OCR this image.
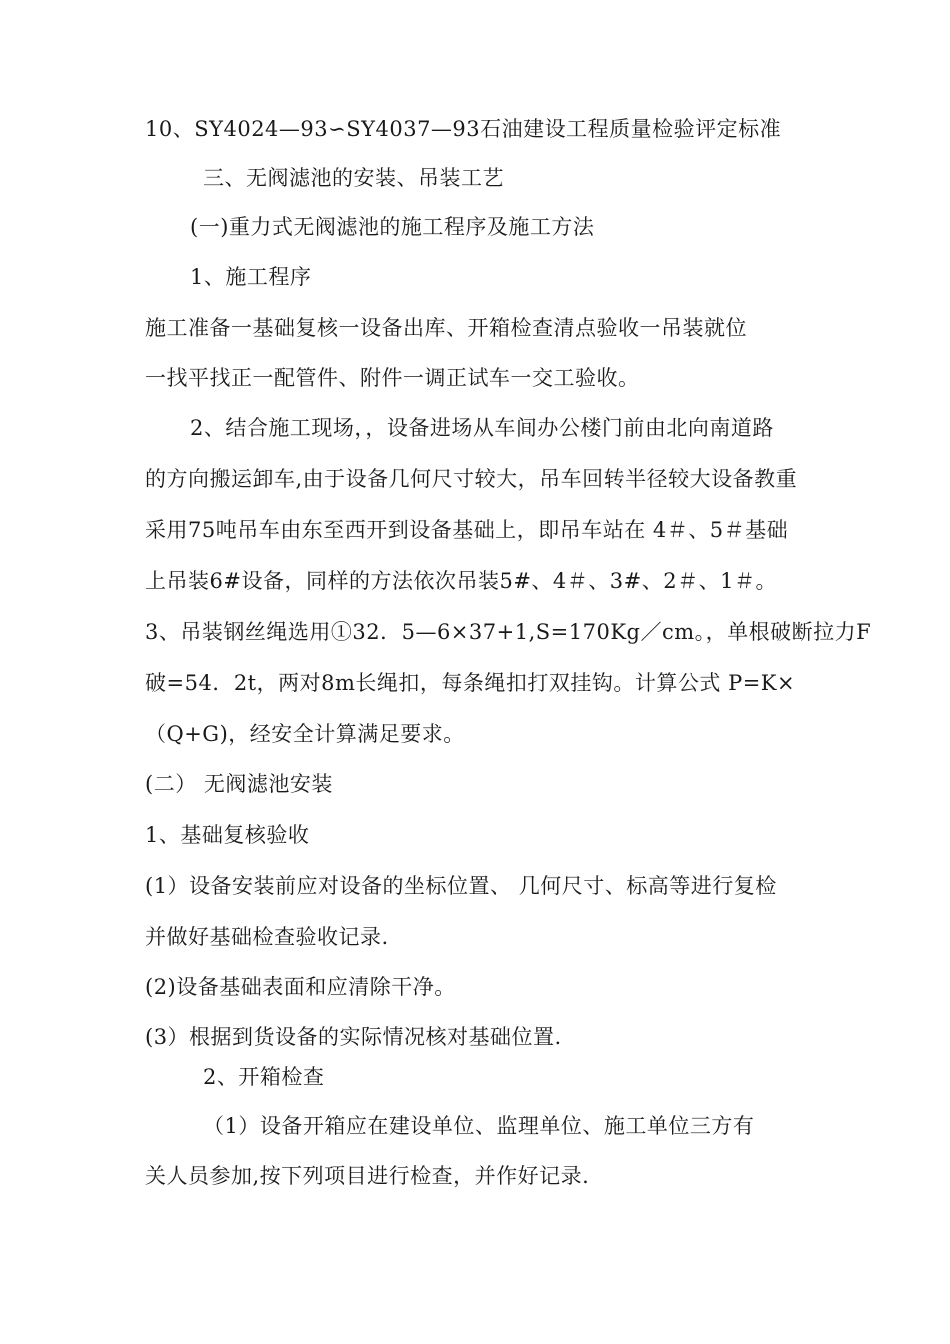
10、SY4024—93∽SY4037—93石油建设工程质量检验评定标准
三、无阀滤池的安装、吊装工艺
(一)重力式无阀滤池的施工程序及施工方法
1、施工程序
施工准备一基础复核一设备出库、开箱检查清点验收一吊装就位
一找平找正一配管件、附件一调正试车一交工验收。
2、结合施工现场，，设备进场从车间办公楼门前由北向南道路
的方向搬运卸车,由于设备几何尺寸较大，吊车回转半径较大设备教重
采用75吨吊车由东至西开到设备基础上，即吊车站在 4＃、5＃基础
上吊装6#设备，同样的方法依次吊装5#、4＃、3#、2＃、1＃。
3、吊装钢丝绳选用①32．5—6×37+1,S=170Kg／cm。，单根破断拉力F
破=54．2t，两对8m长绳扣，每条绳扣打双挂钩。计算公式 P=K×
（Q+G)，经安全计算满足要求。
(二） 无阀滤池安装
1、基础复核验收
(1）设备安装前应对设备的坐标位置、 几何尺寸、标高等进行复检
并做好基础检查验收记录.
(2)设备基础表面和应清除干净。
(3）根据到货设备的实际情况核对基础位置.
2、开箱检查
（1）设备开箱应在建设单位、监理单位、施工单位三方有
关人员参加,按下列项目进行检查，并作好记录.
